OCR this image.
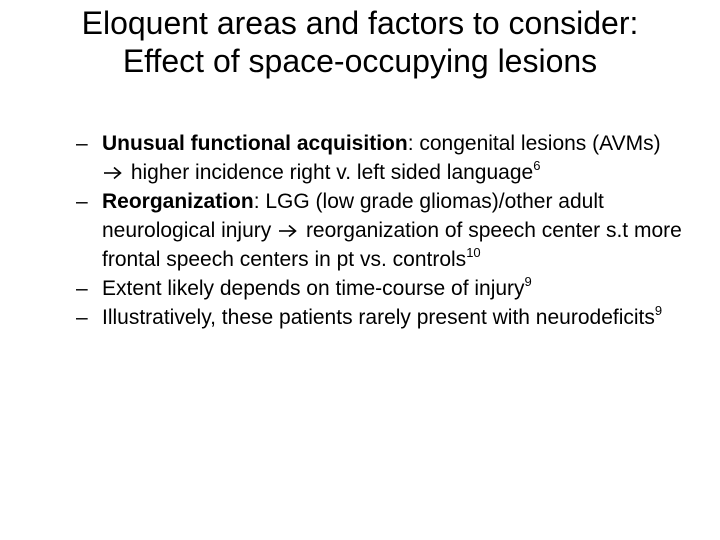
Eloquent areas and factors to consider: Effect of space-occupying lesions
– Unusual functional acquisition: congenital lesions (AVMs)  higher incidence right v. left sided language$^6$
– Reorganization: LGG (low grade gliomas)/other adult neurological injury  reorganization of speech center s.t more frontal speech centers in pt vs. controls$^{10}$
– Extent likely depends on time-course of injury$^9$
– Illustratively, these patients rarely present with neurodeficits$^9$
